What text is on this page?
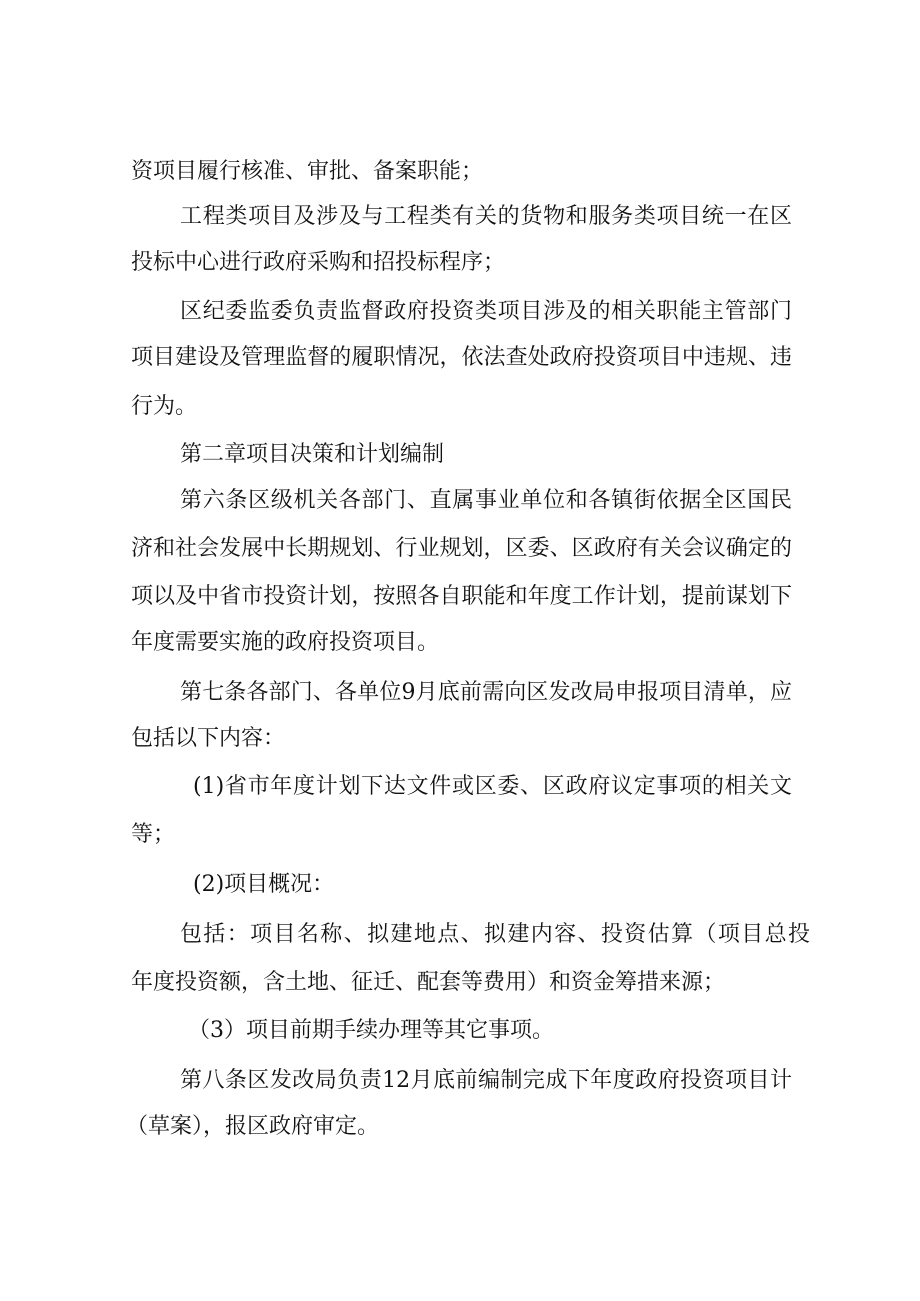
资项目履行核准、审批、备案职能；
工程类项目及涉及与工程类有关的货物和服务类项目统一在区
投标中心进行政府采购和招投标程序；
区纪委监委负责监督政府投资类项目涉及的相关职能主管部门
项目建设及管理监督的履职情况，依法查处政府投资项目中违规、违
行为。
第二章项目决策和计划编制
第六条区级机关各部门、直属事业单位和各镇街依据全区国民
济和社会发展中长期规划、行业规划，区委、区政府有关会议确定的
项以及中省市投资计划，按照各自职能和年度工作计划，提前谋划下
年度需要实施的政府投资项目。
第七条各部门、各单位9月底前需向区发改局申报项目清单，应
包括以下内容：
(1)省市年度计划下达文件或区委、区政府议定事项的相关文
等；
(2)项目概况：
包括：项目名称、拟建地点、拟建内容、投资估算（项目总投
年度投资额，含土地、征迁、配套等费用）和资金筹措来源；
（3）项目前期手续办理等其它事项。
第八条区发改局负责12月底前编制完成下年度政府投资项目计
（草案），报区政府审定。
